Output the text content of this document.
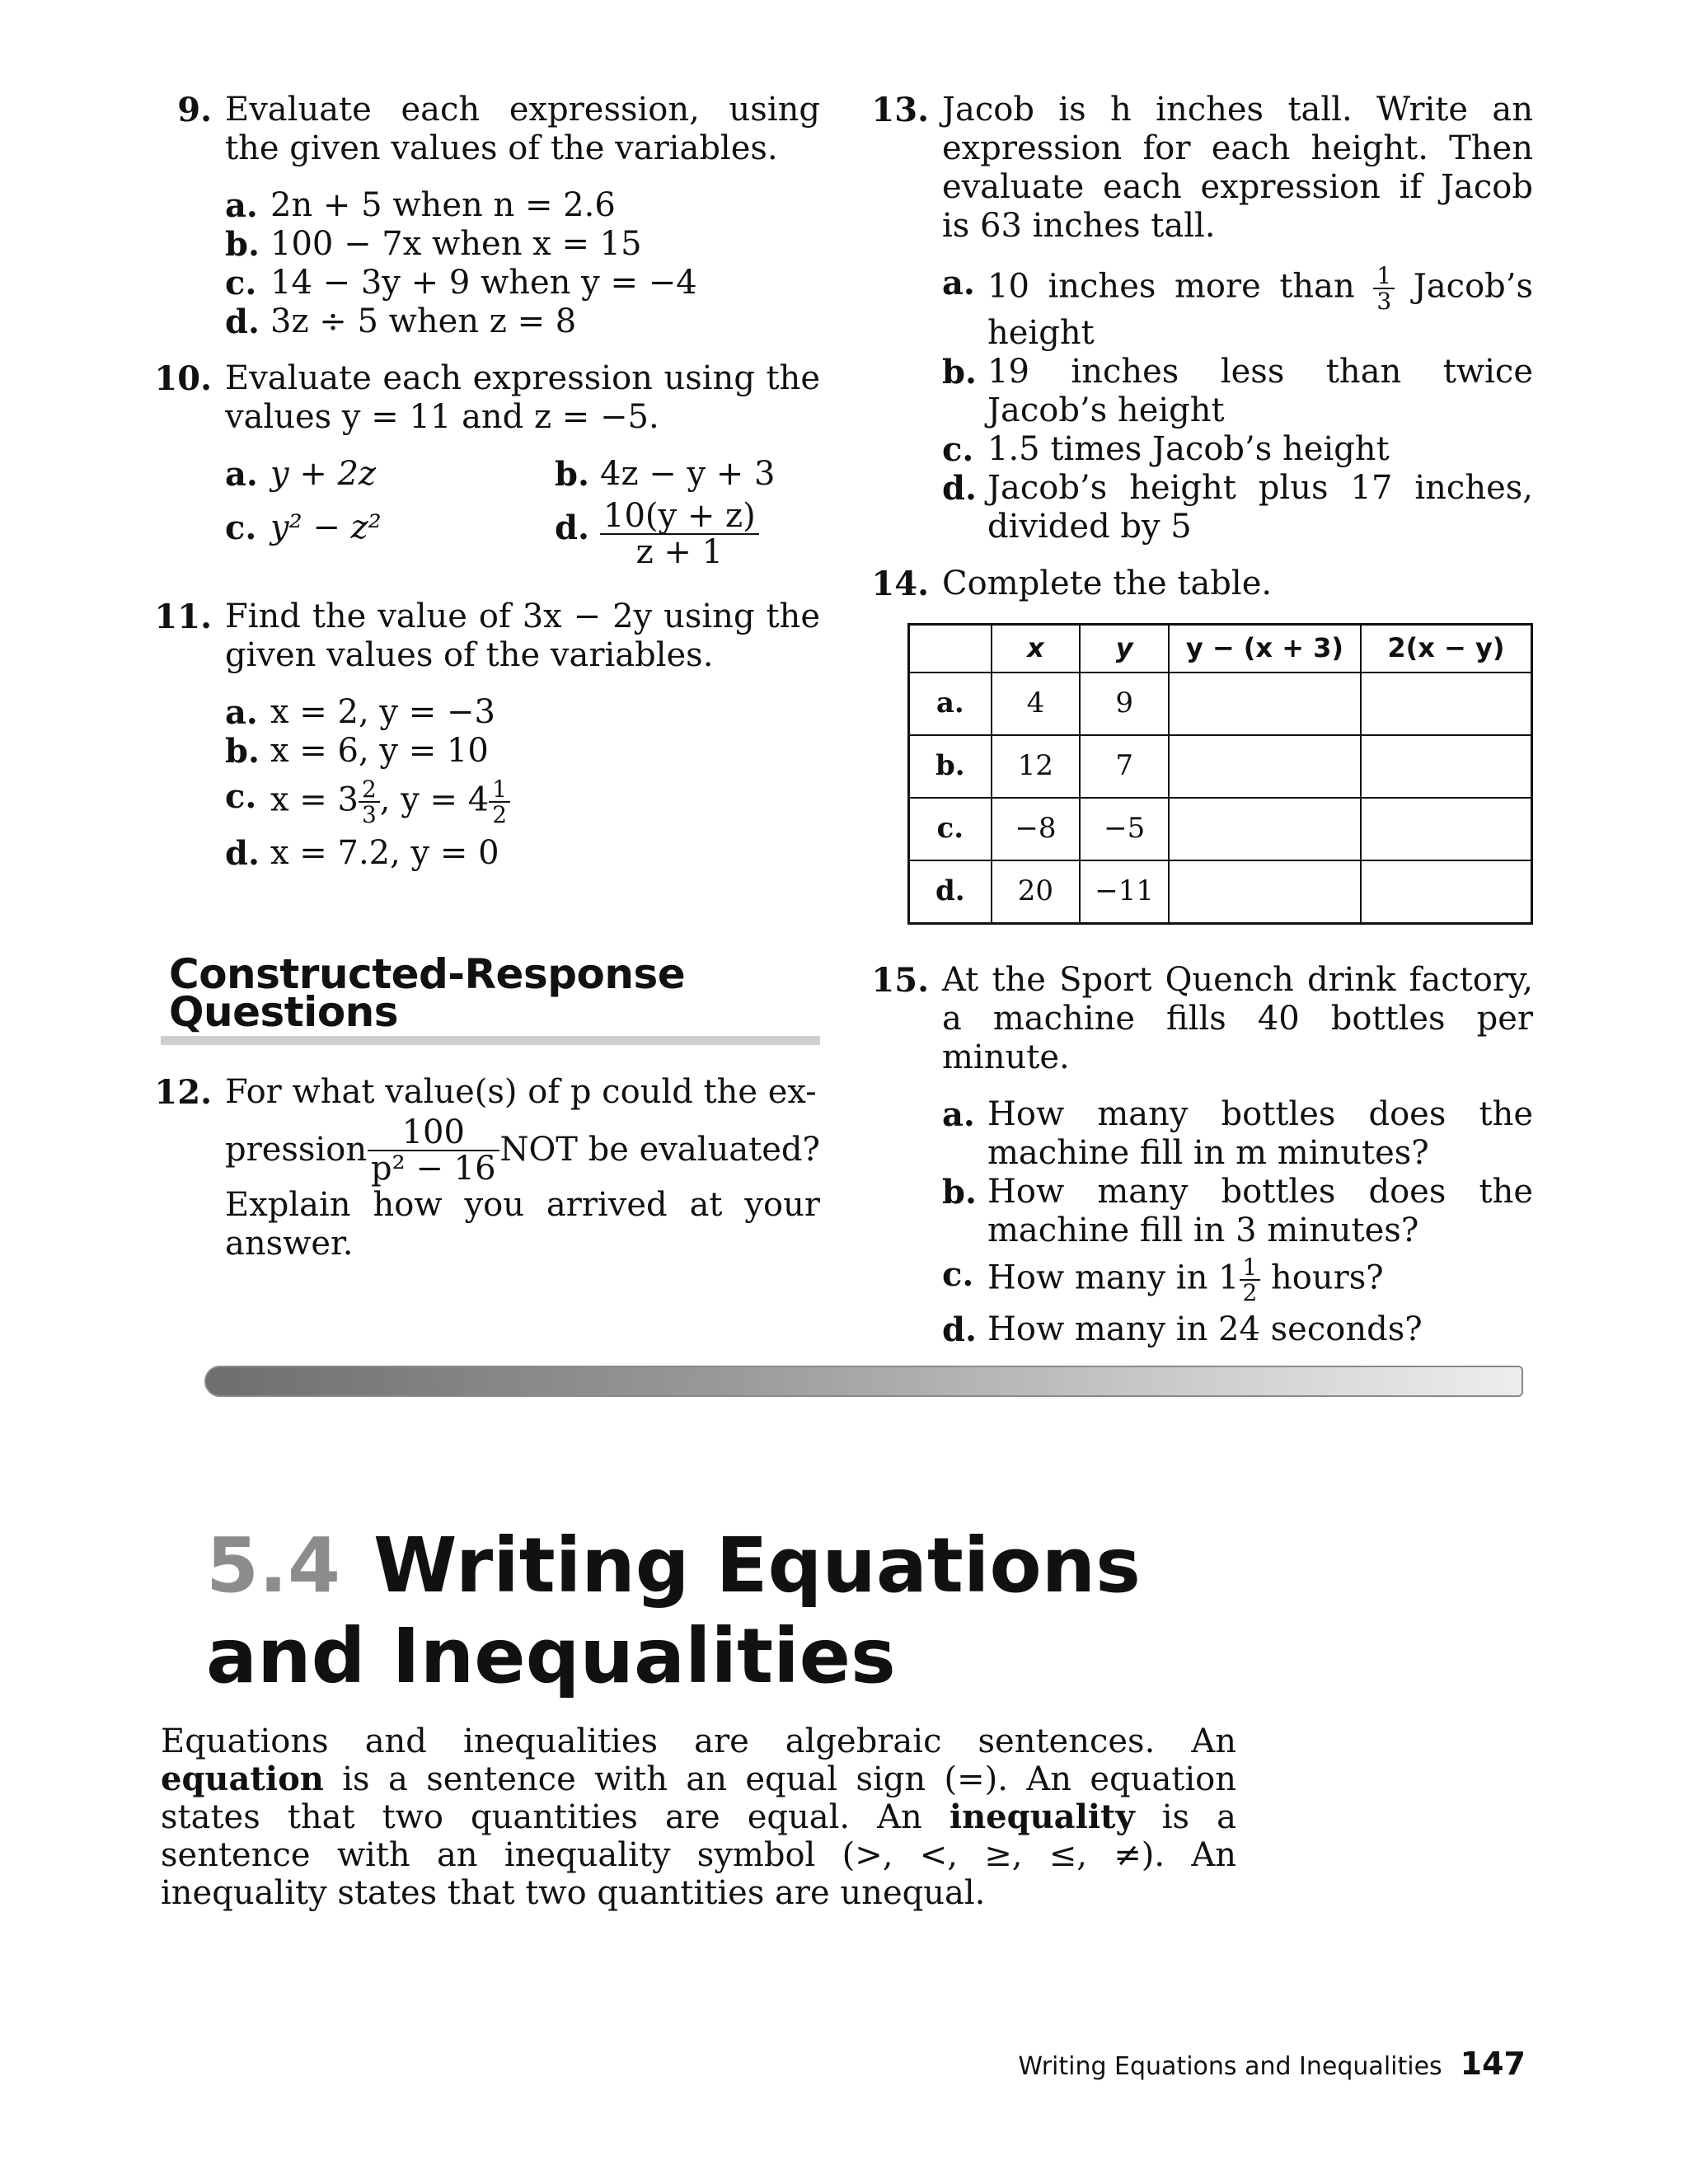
9. Evaluate each expression, using the given values of the variables.
a. 2n + 5 when n = 2.6
b. 100 − 7x when x = 15
c. 14 − 3y + 9 when y = −4
d. 3z ÷ 5 when z = 8
10. Evaluate each expression using the values y = 11 and z = −5.
a. y + 2z	b. 4z − y + 3
c. y² − z²	d. $\frac{10(y + z)}{z + 1}$
11. Find the value of 3x − 2y using the given values of the variables.
a. x = 2, y = −3
b. x = 6, y = 10
c. $x = 3 \frac{2}{3}$ , $y = 4 \frac{1}{2}$
d. x = 7.2, y = 0
Constructed-Response
Questions
12. For what value(s) of p could the ex-
pression $\frac{100}{\text{p² − 16}}$ NOT be evaluated?
Explain how you arrived at your answer.
13. Jacob is h inches tall. Write an expression for each height. Then evaluate each expression if Jacob is 63 inches tall.
a. 10 inches more than $\frac{1}{3}$ Jacob’s height
b. 19 inches less than twice Jacob’s height
c. 1.5 times Jacob’s height
d. Jacob’s height plus 17 inches, divided by 5
14. Complete the table.
	x	y	y − (x + 3)	2(x − y)
a.	4	9		
b.	12	7		
c.	−8	−5		
d.	20	−11		
15. At the Sport Quench drink factory, a machine fills 40 bottles per minute.
a. How many bottles does the machine fill in m minutes?
b. How many bottles does the machine fill in 3 minutes?
c. How many in $1 \frac{1}{2}$ hours?
d. How many in 24 seconds?
5.4 Writing Equations
and Inequalities
Equations and inequalities are algebraic sentences. An equation is a sentence with an equal sign (=). An equation states that two quantities are equal. An inequality is a sentence with an inequality symbol (>, <, ≥, ≤, ≠). An inequality states that two quantities are unequal.
Writing Equations and Inequalities 147
